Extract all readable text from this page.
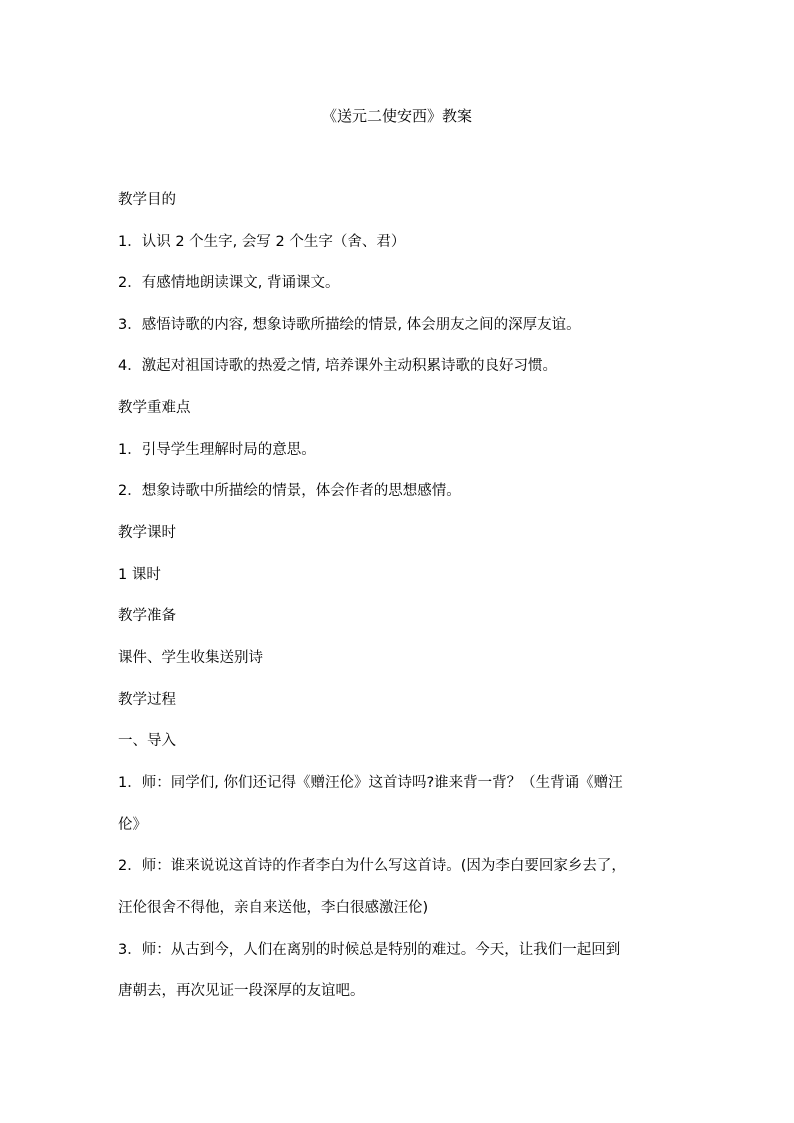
《送元二使安西》教案
教学目的
1．认识 2 个生字, 会写 2 个生字（舍、君）
2．有感情地朗读课文, 背诵课文。
3．感悟诗歌的内容, 想象诗歌所描绘的情景, 体会朋友之间的深厚友谊。
4．激起对祖国诗歌的热爱之情, 培养课外主动积累诗歌的良好习惯。
教学重难点
1．引导学生理解时局的意思。
2．想象诗歌中所描绘的情景，体会作者的思想感情。
教学课时
1 课时
教学准备
课件、学生收集送别诗
教学过程
一、导入
1．师：同学们, 你们还记得《赠汪伦》这首诗吗?谁来背一背？（生背诵《赠汪
伦》
2．师：谁来说说这首诗的作者李白为什么写这首诗。(因为李白要回家乡去了，
汪伦很舍不得他，亲自来送他，李白很感激汪伦)
3．师：从古到今，人们在离别的时候总是特别的难过。今天，让我们一起回到
唐朝去，再次见证一段深厚的友谊吧。
